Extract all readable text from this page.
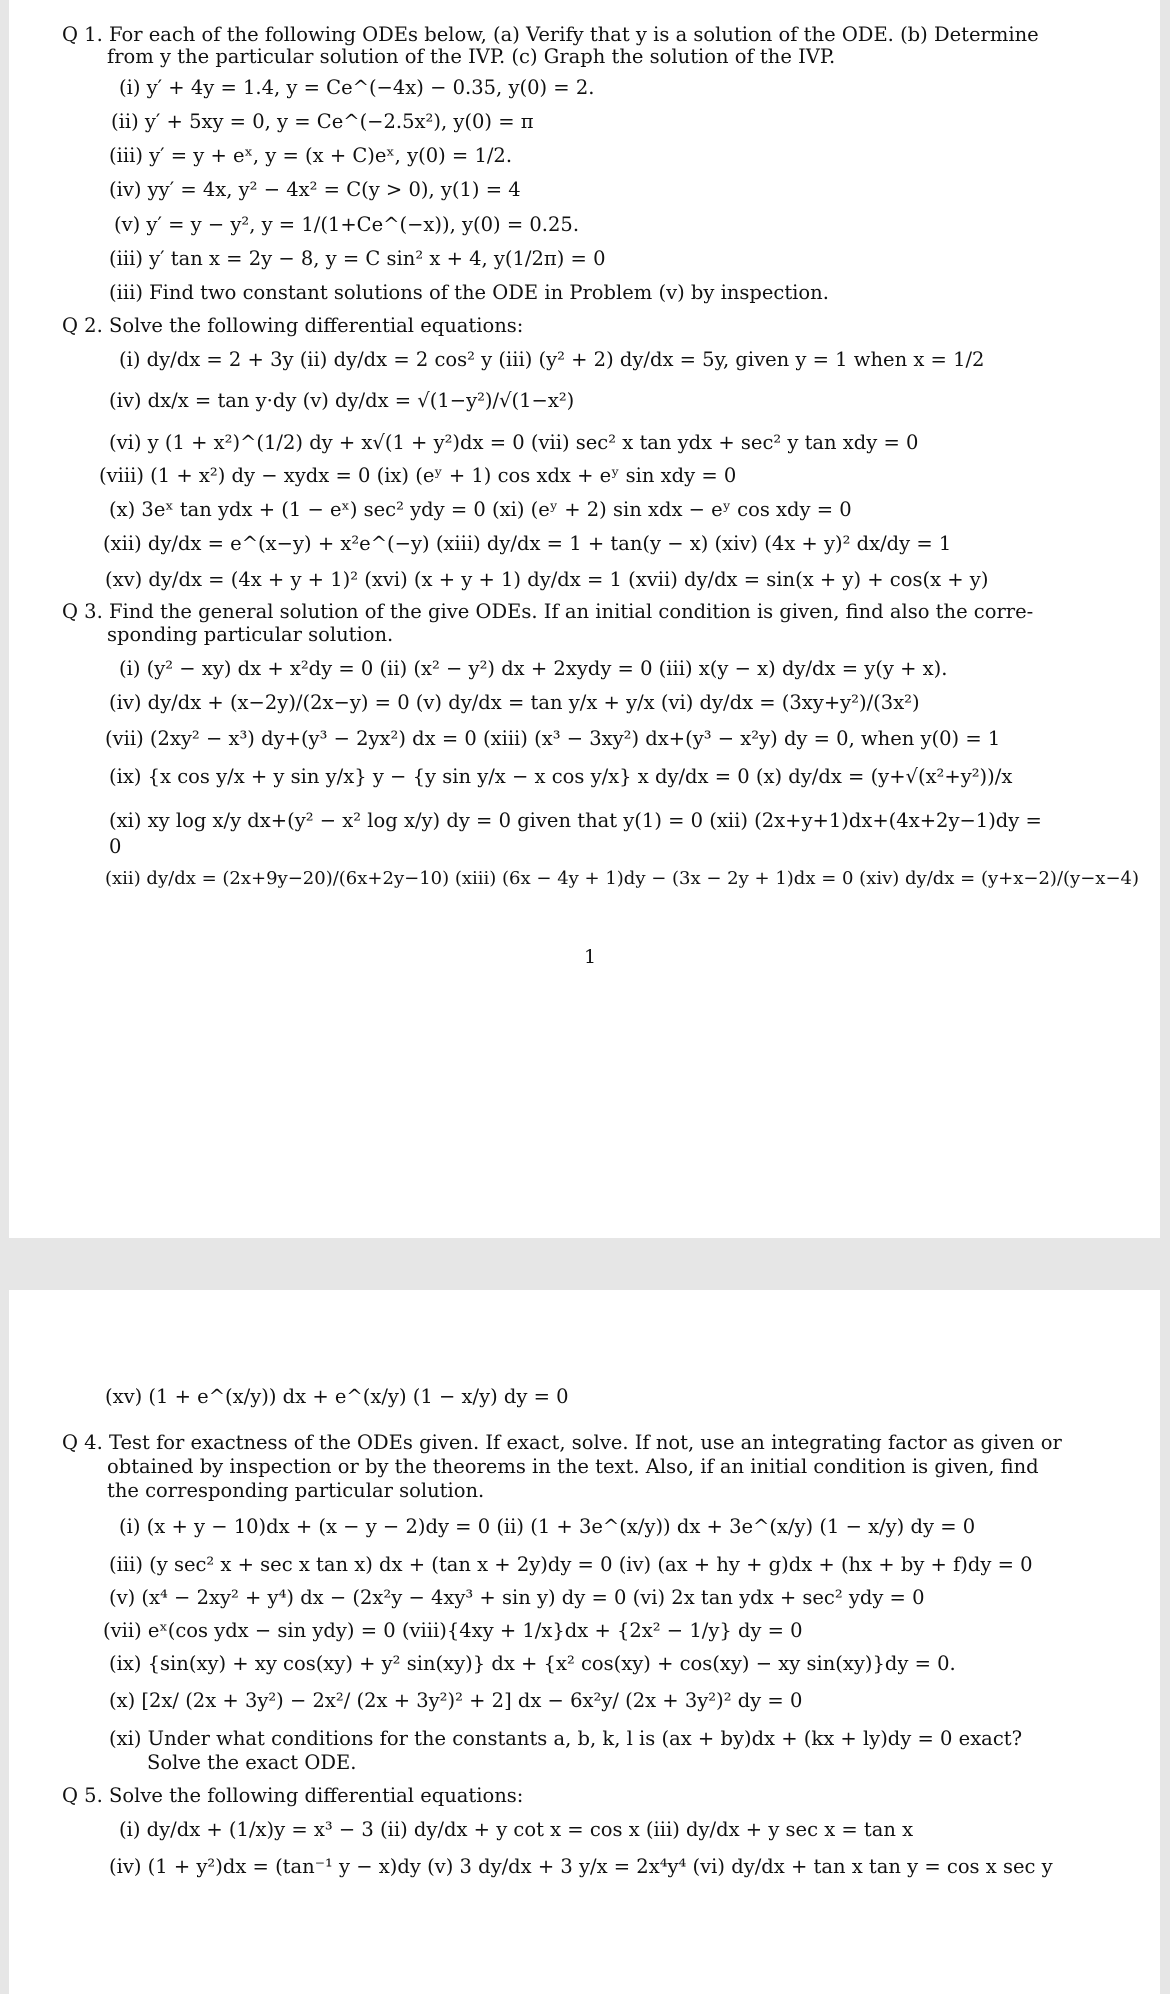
Q 1. For each of the following ODEs below, (a) Verify that y is a solution of the ODE. (b) Determine
from y the particular solution of the IVP. (c) Graph the solution of the IVP.
(i) y′ + 4y = 1.4, y = Ce^(−4x) − 0.35, y(0) = 2.
(ii) y′ + 5xy = 0, y = Ce^(−2.5x²), y(0) = π
(iii) y′ = y + eˣ, y = (x + C)eˣ, y(0) = 1/2.
(iv) yy′ = 4x, y² − 4x² = C(y > 0), y(1) = 4
(v) y′ = y − y², y = 1/(1+Ce^(−x)), y(0) = 0.25.
(iii) y′ tan x = 2y − 8, y = C sin² x + 4, y(1/2π) = 0
(iii) Find two constant solutions of the ODE in Problem (v) by inspection.
Q 2. Solve the following differential equations:
(i) dy/dx = 2 + 3y (ii) dy/dx = 2 cos² y (iii) (y² + 2) dy/dx = 5y, given y = 1 when x = 1/2
(iv) dx/x = tan y·dy (v) dy/dx = √(1−y²)/√(1−x²)
(vi) y (1 + x²)^(1/2) dy + x√(1 + y²)dx = 0 (vii) sec² x tan ydx + sec² y tan xdy = 0
(viii) (1 + x²) dy − xydx = 0 (ix) (eʸ + 1) cos xdx + eʸ sin xdy = 0
(x) 3eˣ tan ydx + (1 − eˣ) sec² ydy = 0 (xi) (eʸ + 2) sin xdx − eʸ cos xdy = 0
(xii) dy/dx = e^(x−y) + x²e^(−y) (xiii) dy/dx = 1 + tan(y − x) (xiv) (4x + y)² dx/dy = 1
(xv) dy/dx = (4x + y + 1)² (xvi) (x + y + 1) dy/dx = 1 (xvii) dy/dx = sin(x + y) + cos(x + y)
Q 3. Find the general solution of the give ODEs. If an initial condition is given, find also the corre-
sponding particular solution.
(i) (y² − xy) dx + x²dy = 0 (ii) (x² − y²) dx + 2xydy = 0 (iii) x(y − x) dy/dx = y(y + x).
(iv) dy/dx + (x−2y)/(2x−y) = 0 (v) dy/dx = tan y/x + y/x (vi) dy/dx = (3xy+y²)/(3x²)
(vii) (2xy² − x³) dy+(y³ − 2yx²) dx = 0 (xiii) (x³ − 3xy²) dx+(y³ − x²y) dy = 0, when y(0) = 1
(ix) {x cos y/x + y sin y/x} y − {y sin y/x − x cos y/x} x dy/dx = 0 (x) dy/dx = (y+√(x²+y²))/x
(xi) xy log x/y dx+(y² − x² log x/y) dy = 0 given that y(1) = 0 (xii) (2x+y+1)dx+(4x+2y−1)dy =
0
(xii) dy/dx = (2x+9y−20)/(6x+2y−10) (xiii) (6x − 4y + 1)dy − (3x − 2y + 1)dx = 0 (xiv) dy/dx = (y+x−2)/(y−x−4)
1
(xv) (1 + e^(x/y)) dx + e^(x/y) (1 − x/y) dy = 0
Q 4. Test for exactness of the ODEs given. If exact, solve. If not, use an integrating factor as given or
obtained by inspection or by the theorems in the text. Also, if an initial condition is given, find
the corresponding particular solution.
(i) (x + y − 10)dx + (x − y − 2)dy = 0 (ii) (1 + 3e^(x/y)) dx + 3e^(x/y) (1 − x/y) dy = 0
(iii) (y sec² x + sec x tan x) dx + (tan x + 2y)dy = 0 (iv) (ax + hy + g)dx + (hx + by + f)dy = 0
(v) (x⁴ − 2xy² + y⁴) dx − (2x²y − 4xy³ + sin y) dy = 0 (vi) 2x tan ydx + sec² ydy = 0
(vii) eˣ(cos ydx − sin ydy) = 0 (viii){4xy + 1/x}dx + {2x² − 1/y} dy = 0
(ix) {sin(xy) + xy cos(xy) + y² sin(xy)} dx + {x² cos(xy) + cos(xy) − xy sin(xy)}dy = 0.
(x) [2x/ (2x + 3y²) − 2x²/ (2x + 3y²)² + 2] dx − 6x²y/ (2x + 3y²)² dy = 0
(xi) Under what conditions for the constants a, b, k, l is (ax + by)dx + (kx + ly)dy = 0 exact?
Solve the exact ODE.
Q 5. Solve the following differential equations:
(i) dy/dx + (1/x)y = x³ − 3 (ii) dy/dx + y cot x = cos x (iii) dy/dx + y sec x = tan x
(iv) (1 + y²)dx = (tan⁻¹ y − x)dy (v) 3 dy/dx + 3 y/x = 2x⁴y⁴ (vi) dy/dx + tan x tan y = cos x sec y
